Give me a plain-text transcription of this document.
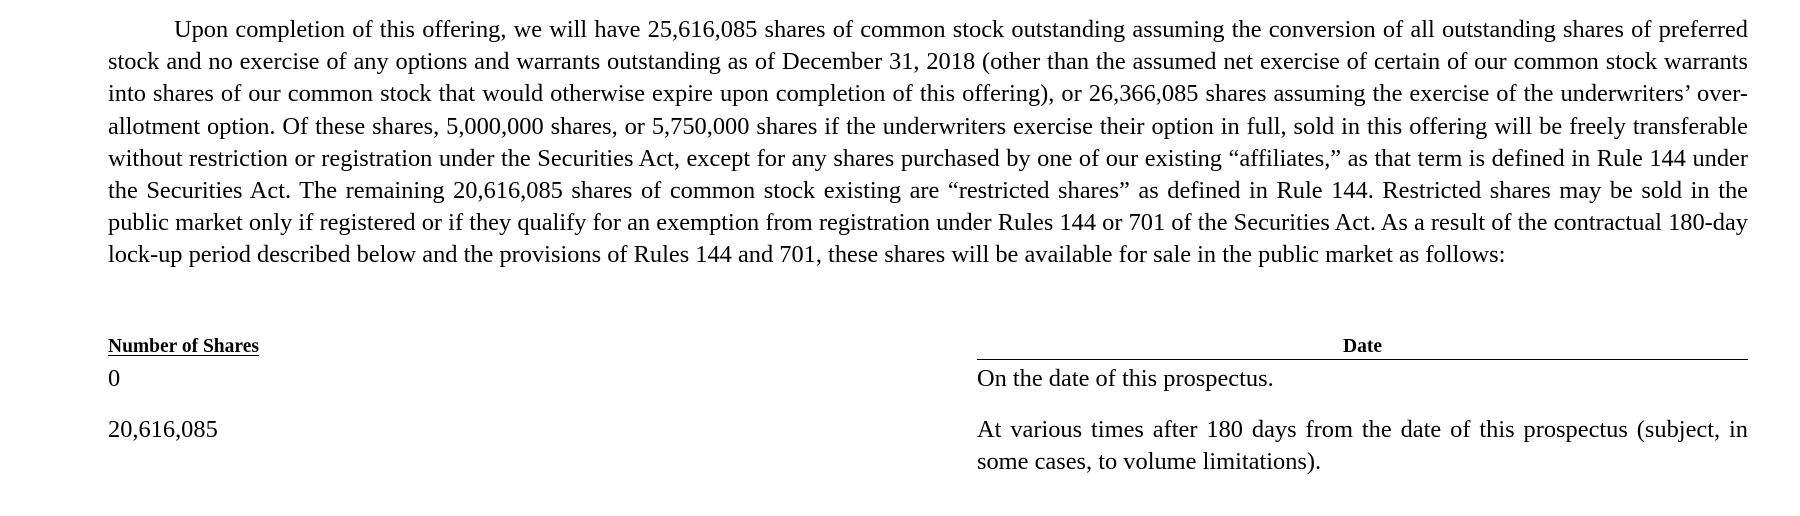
Upon completion of this offering, we will have 25,616,085 shares of common stock outstanding assuming the conversion of all outstanding shares of preferred stock and no exercise of any options and warrants outstanding as of December 31, 2018 (other than the assumed net exercise of certain of our common stock warrants into shares of our common stock that would otherwise expire upon completion of this offering), or 26,366,085 shares assuming the exercise of the underwriters’ over-allotment option. Of these shares, 5,000,000 shares, or 5,750,000 shares if the underwriters exercise their option in full, sold in this offering will be freely transferable without restriction or registration under the Securities Act, except for any shares purchased by one of our existing “affiliates,” as that term is defined in Rule 144 under the Securities Act. The remaining 20,616,085 shares of common stock existing are “restricted shares” as defined in Rule 144. Restricted shares may be sold in the public market only if registered or if they qualify for an exemption from registration under Rules 144 or 701 of the Securities Act. As a result of the contractual 180-day lock-up period described below and the provisions of Rules 144 and 701, these shares will be available for sale in the public market as follows:

Number of Shares
0
20,616,085
Date
On the date of this prospectus.
At various times after 180 days from the date of this prospectus (subject, in some cases, to volume limitations).
